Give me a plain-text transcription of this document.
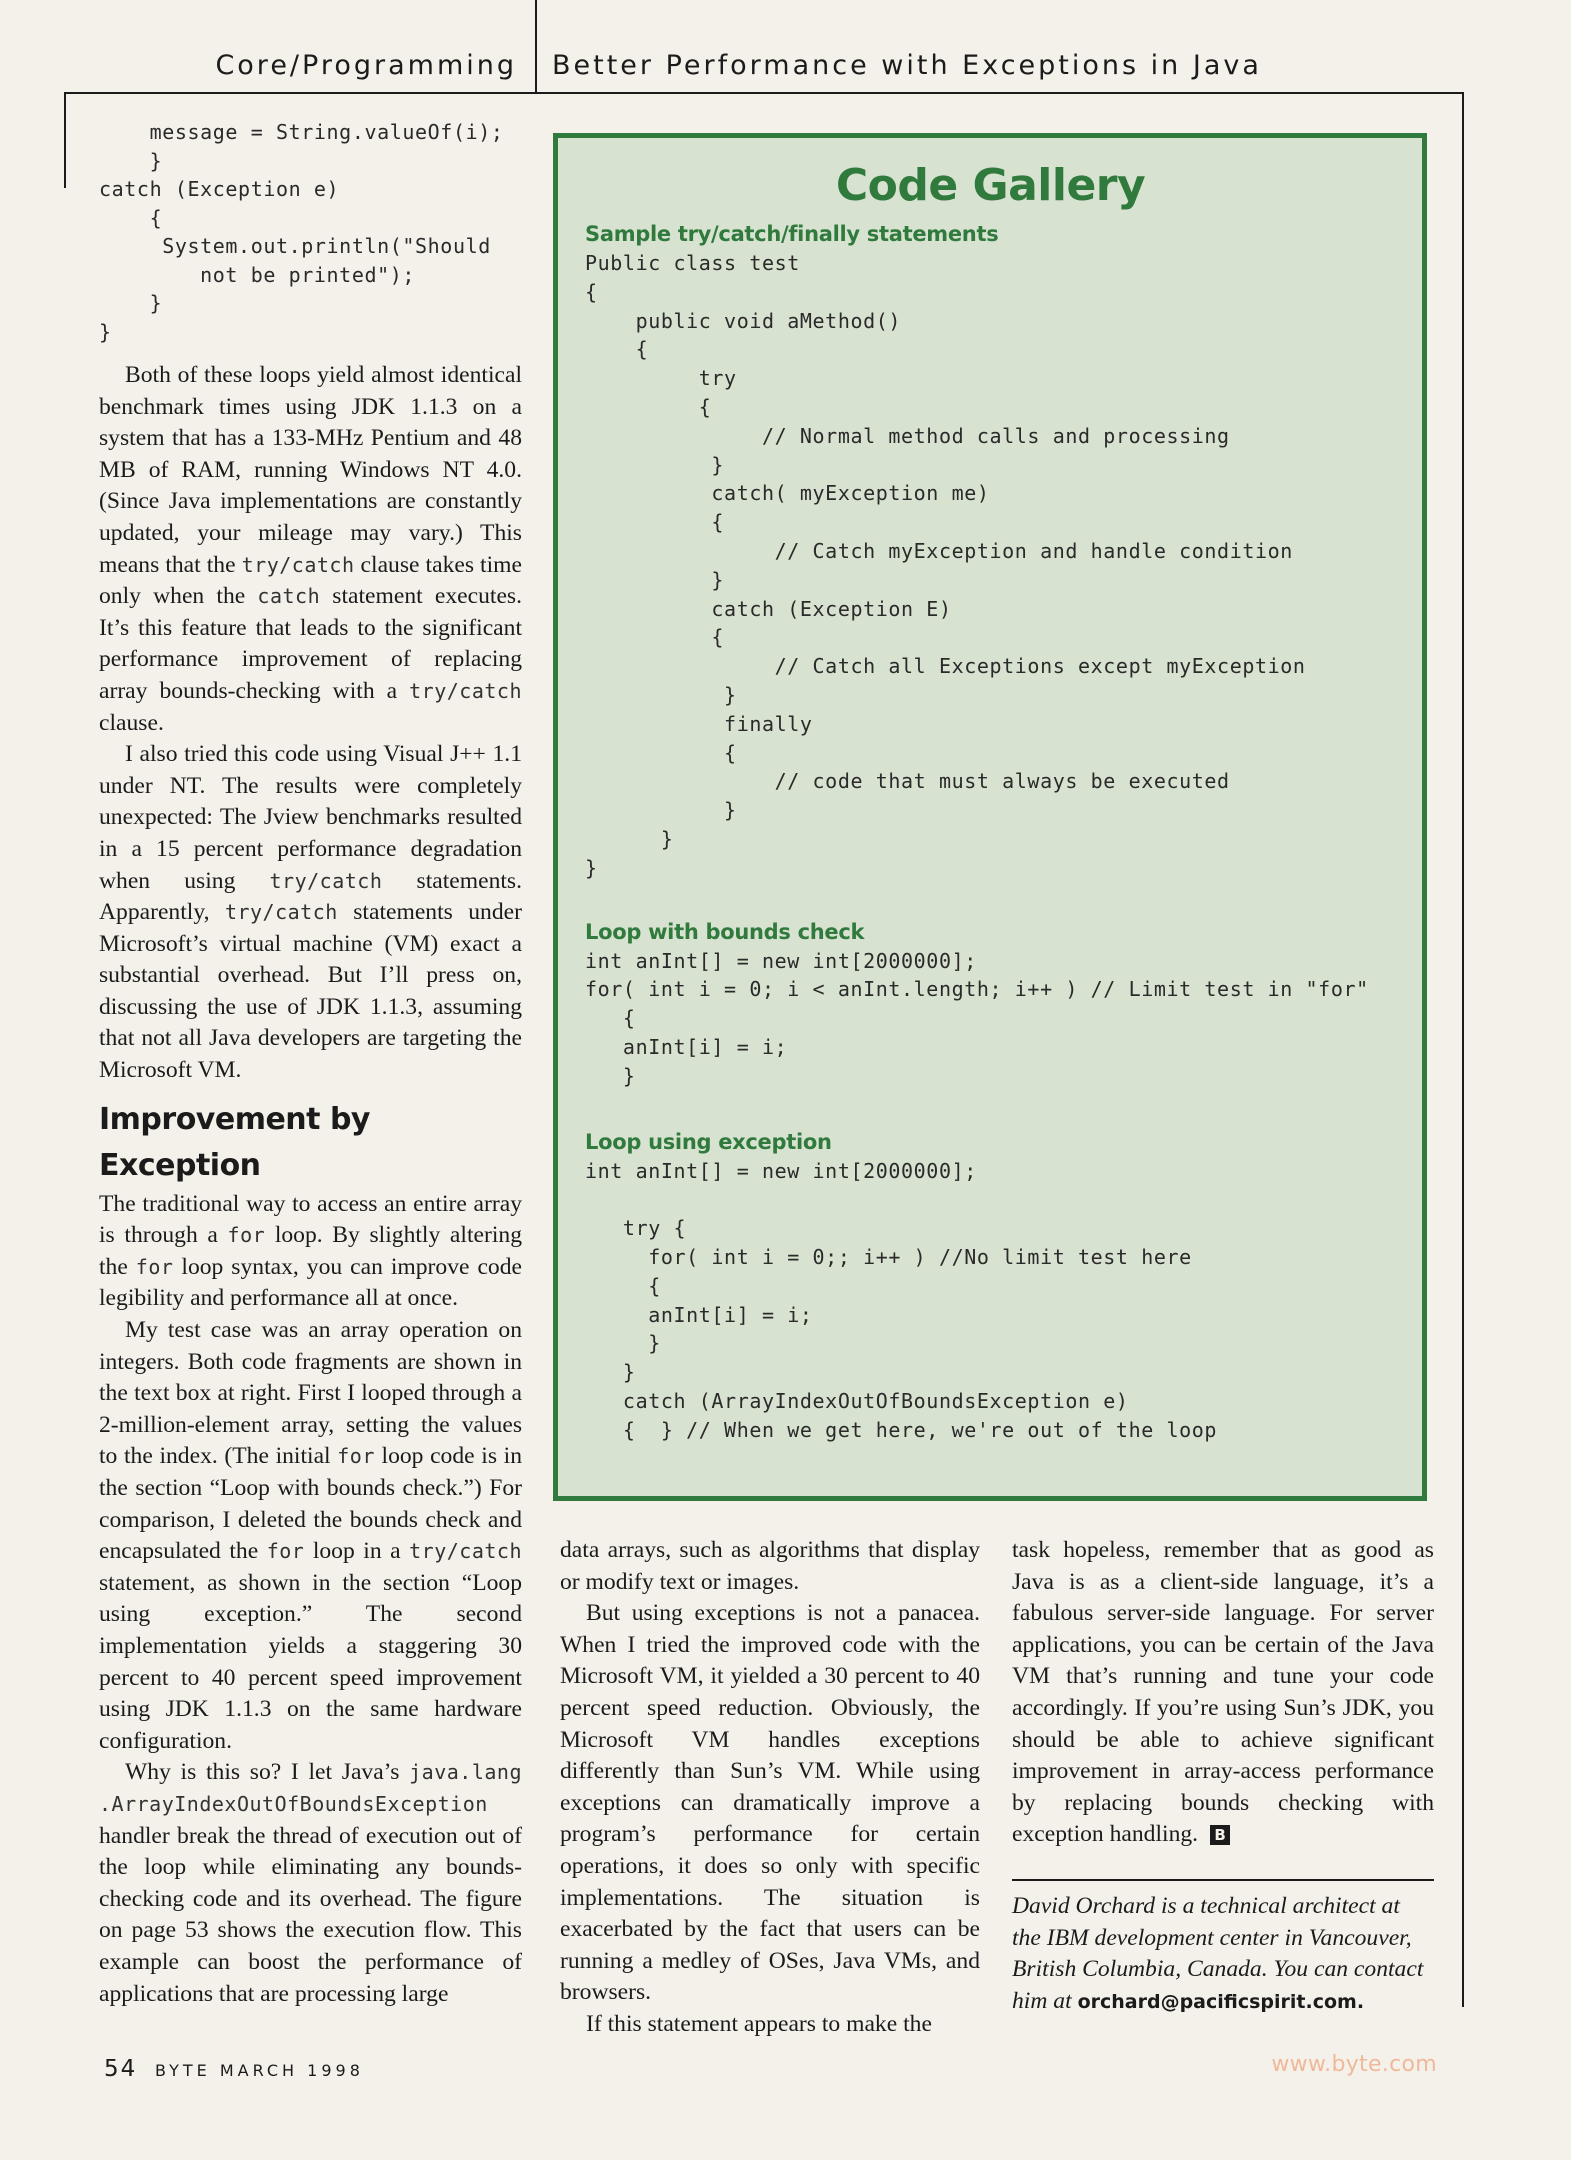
Core/Programming Better Performance with Exceptions in Java
message = String.valueOf(i);
}
catch (Exception e)
{
System.out.println("Should
not be printed");
}
}

Both of these loops yield almost identical benchmark times using JDK 1.1.3 on a system that has a 133-MHz Pentium and 48 MB of RAM, running Windows NT 4.0. (Since Java implementations are constantly updated, your mileage may vary.) This means that the try/catch clause takes time only when the catch statement executes. It’s this feature that leads to the significant performance improvement of replacing array bounds-checking with a try/catch clause.

I also tried this code using Visual J++ 1.1 under NT. The results were completely unexpected: The Jview benchmarks resulted in a 15 percent performance degradation when using try/catch statements. Apparently, try/catch statements under Microsoft’s virtual machine (VM) exact a substantial overhead. But I’ll press on, discussing the use of JDK 1.1.3, assuming that not all Java developers are targeting the Microsoft VM.

Improvement by Exception

The traditional way to access an entire array is through a for loop. By slightly altering the for loop syntax, you can improve code legibility and performance all at once.

My test case was an array operation on integers. Both code fragments are shown in the text box at right. First I looped through a 2-million-element array, setting the values to the index. (The initial for loop code is in the section “Loop with bounds check.”) For comparison, I deleted the bounds check and encapsulated the for loop in a try/catch statement, as shown in the section “Loop using exception.” The second implementation yields a staggering 30 percent to 40 percent speed improvement using JDK 1.1.3 on the same hardware configuration.

Why is this so? I let Java’s java.lang .ArrayIndexOutOfBoundsException handler break the thread of execution out of the loop while eliminating any bounds-checking code and its overhead. The figure on page 53 shows the execution flow. This example can boost the performance of applications that are processing large

Code Gallery
Sample try/catch/finally statements
Public class test
{
public void aMethod()
{
try
{
// Normal method calls and processing
}
catch( myException me)
{
// Catch myException and handle condition
}
catch (Exception E)
{
// Catch all Exceptions except myException
}
finally
{
// code that must always be executed
}
}
}
Loop with bounds check
int anInt[] = new int[2000000];
for( int i = 0; i < anInt.length; i++ ) // Limit test in "for"
{
anInt[i] = i;
}
Loop using exception
int anInt[] = new int[2000000];

try {
for( int i = 0;; i++ ) //No limit test here
{
anInt[i] = i;
}
}
catch (ArrayIndexOutOfBoundsException e)
{  } // When we get here, we're out of the loop

data arrays, such as algorithms that display or modify text or images.

But using exceptions is not a panacea. When I tried the improved code with the Microsoft VM, it yielded a 30 percent to 40 percent speed reduction. Obviously, the Microsoft VM handles exceptions differently than Sun’s VM. While using exceptions can dramatically improve a program’s performance for certain operations, it does so only with specific implementations. The situation is exacerbated by the fact that users can be running a medley of OSes, Java VMs, and browsers.

If this statement appears to make the

task hopeless, remember that as good as Java is as a client-side language, it’s a fabulous server-side language. For server applications, you can be certain of the Java VM that’s running and tune your code accordingly. If you’re using Sun’s JDK, you should be able to achieve significant improvement in array-access performance by replacing bounds checking with exception handling. B

David Orchard is a technical architect at the IBM development center in Vancouver, British Columbia, Canada. You can contact him at orchard@pacificspirit.com.

54 BYTE MARCH 1998	www.byte.com
